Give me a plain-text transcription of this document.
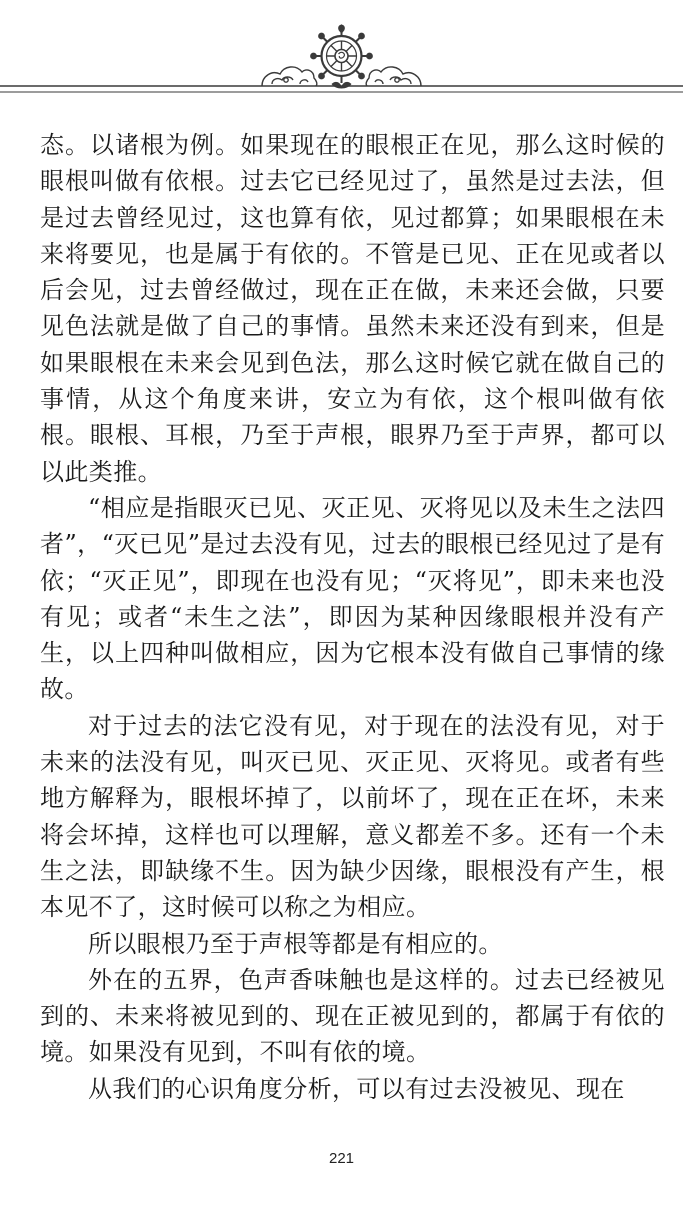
态。以诸根为例。如果现在的眼根正在见，那么这时候的眼根叫做有依根。过去它已经见过了，虽然是过去法，但是过去曾经见过，这也算有依，见过都算；如果眼根在未来将要见，也是属于有依的。不管是已见、正在见或者以后会见，过去曾经做过，现在正在做，未来还会做，只要见色法就是做了自己的事情。虽然未来还没有到来，但是如果眼根在未来会见到色法，那么这时候它就在做自己的事情，从这个角度来讲，安立为有依，这个根叫做有依根。眼根、耳根，乃至于声根，眼界乃至于声界，都可以以此类推。

“相应是指眼灭已见、灭正见、灭将见以及未生之法四者”，“灭已见”是过去没有见，过去的眼根已经见过了是有依；“灭正见”，即现在也没有见；“灭将见”，即未来也没有见；或者“未生之法”，即因为某种因缘眼根并没有产生，以上四种叫做相应，因为它根本没有做自己事情的缘故。

对于过去的法它没有见，对于现在的法没有见，对于未来的法没有见，叫灭已见、灭正见、灭将见。或者有些地方解释为，眼根坏掉了，以前坏了，现在正在坏，未来将会坏掉，这样也可以理解，意义都差不多。还有一个未生之法，即缺缘不生。因为缺少因缘，眼根没有产生，根本见不了，这时候可以称之为相应。

所以眼根乃至于声根等都是有相应的。

外在的五界，色声香味触也是这样的。过去已经被见到的、未来将被见到的、现在正被见到的，都属于有依的境。如果没有见到，不叫有依的境。

从我们的心识角度分析，可以有过去没被见、现在

221
